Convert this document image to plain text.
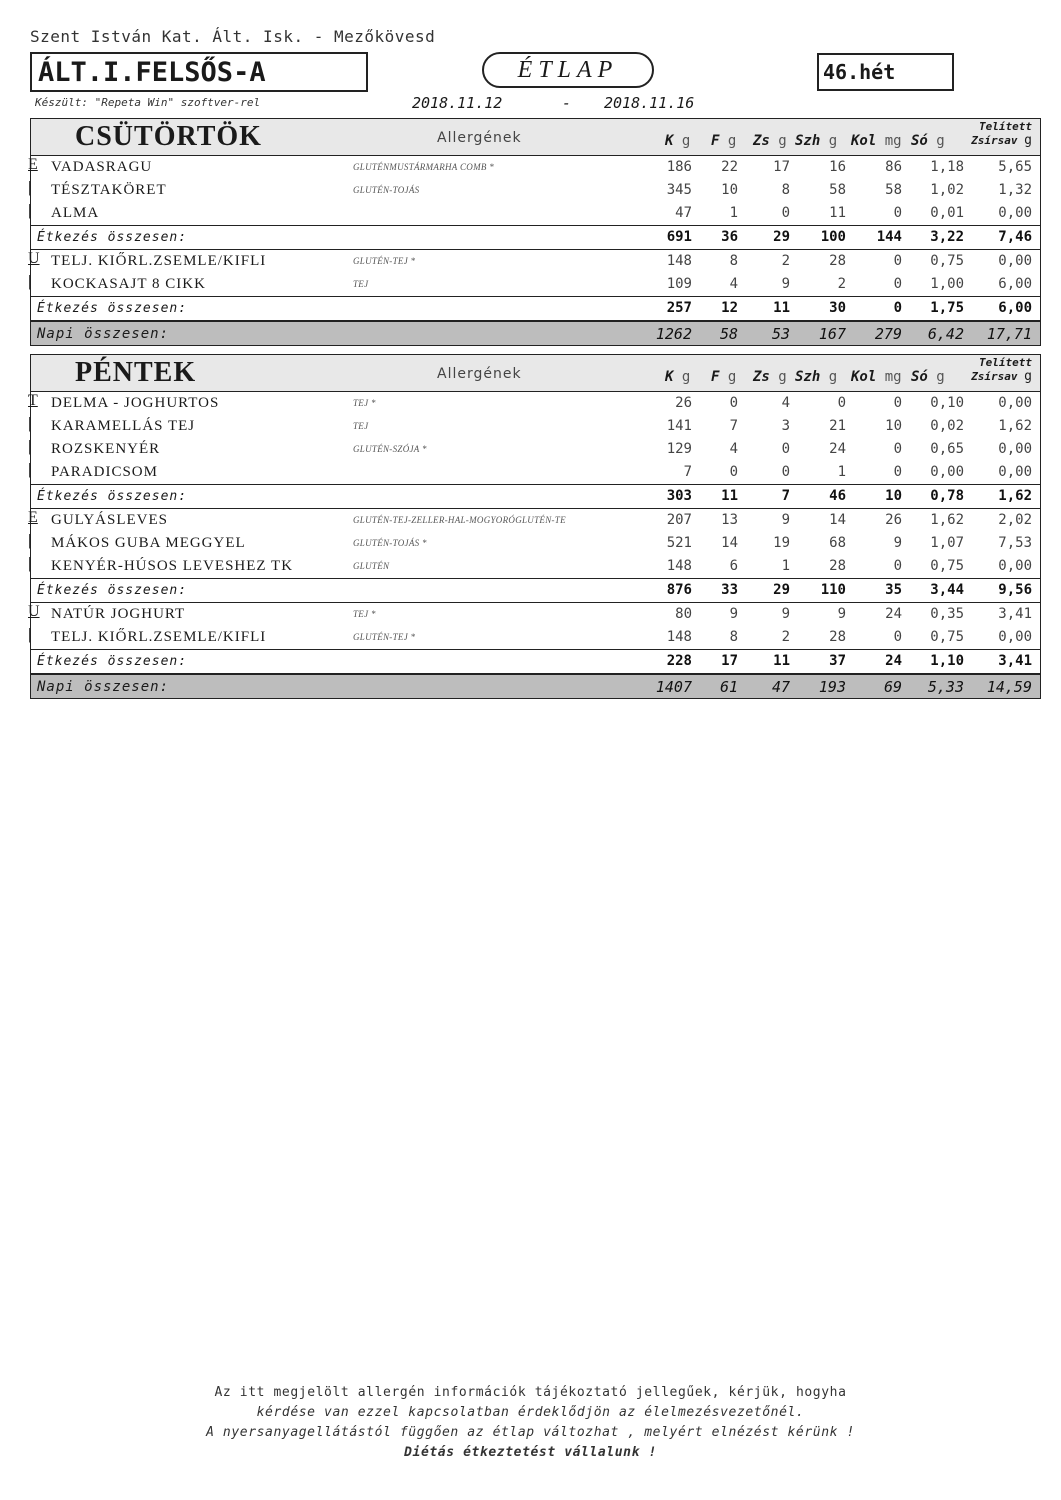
Szent István Kat. Ált. Isk. - Mezőkövesd
ÁLT.I.FELSŐS-A	ÉTLAP	46.hét
Készült: "Repeta Win" szoftver-rel	2018.11.12	- 2018.11.16
CSÜTÖRTÖK	Allergének	K g F g Zs g Szh g Kol mg Só g
Telített
Zsírsav g
E VADASRAGU	GLUTÉNMUSTÁRMARHA COMB *	186 22	17	16	86 1,18 5,65
|	TÉSZTAKÖRET	GLUTÉN-TOJÁS	345 10	8	58	58 1,02 1,32
|	ALMA	47	1	0	11	0 0,01 0,00
Étkezés összesen:	691 36	29 100 144 3,22 7,46
U TELJ. KIŐRL.ZSEMLE/KIFLI	GLUTÉN-TEJ *	148	8	2	28	0 0,75 0,00
|	KOCKASAJT 8 CIKK	TEJ	109	4	9	2	0 1,00 6,00
Étkezés összesen:	257 12	11	30	0 1,75 6,00
Napi összesen:	1262 58 53 167 279 6,42 17,71
PÉNTEK	Allergének	K g F g Zs g Szh g Kol mg Só g
Telített
Zsírsav g
T DELMA - JOGHURTOS	TEJ *	26	0	4	0	0 0,10 0,00
|	KARAMELLÁS TEJ	TEJ	141	7	3	21	10 0,02 1,62
|	ROZSKENYÉR	GLUTÉN-SZÓJA *	129	4	0	24	0 0,65 0,00
|	PARADICSOM	7	0	0	1	0 0,00 0,00
Étkezés összesen:	303 11	7	46	10 0,78 1,62
E GULYÁSLEVES	GLUTÉN-TEJ-ZELLER-HAL-MOGYORÓGLUTÉN-TE	207 13	9	14	26 1,62 2,02
|	MÁKOS GUBA MEGGYEL	GLUTÉN-TOJÁS *	521 14	19	68	9 1,07 7,53
|	KENYÉR-HÚSOS LEVESHEZ TK	GLUTÉN	148	6	1	28	0 0,75 0,00
Étkezés összesen:	876 33	29 110	35 3,44 9,56
U NATÚR JOGHURT	TEJ *	80	9	9	9	24 0,35 3,41
|	TELJ. KIŐRL.ZSEMLE/KIFLI	GLUTÉN-TEJ *	148	8	2	28	0 0,75 0,00
Étkezés összesen:	228 17	11	37	24 1,10 3,41
Napi összesen:	1407 61 47 193	69 5,33 14,59
Az itt megjelölt allergén információk tájékoztató jellegűek, kérjük, hogyha
kérdése van ezzel kapcsolatban érdeklődjön az élelmezésvezetőnél.
A nyersanyagellátástól függően az étlap változhat , melyért elnézést kérünk !
Diétás étkeztetést vállalunk !
